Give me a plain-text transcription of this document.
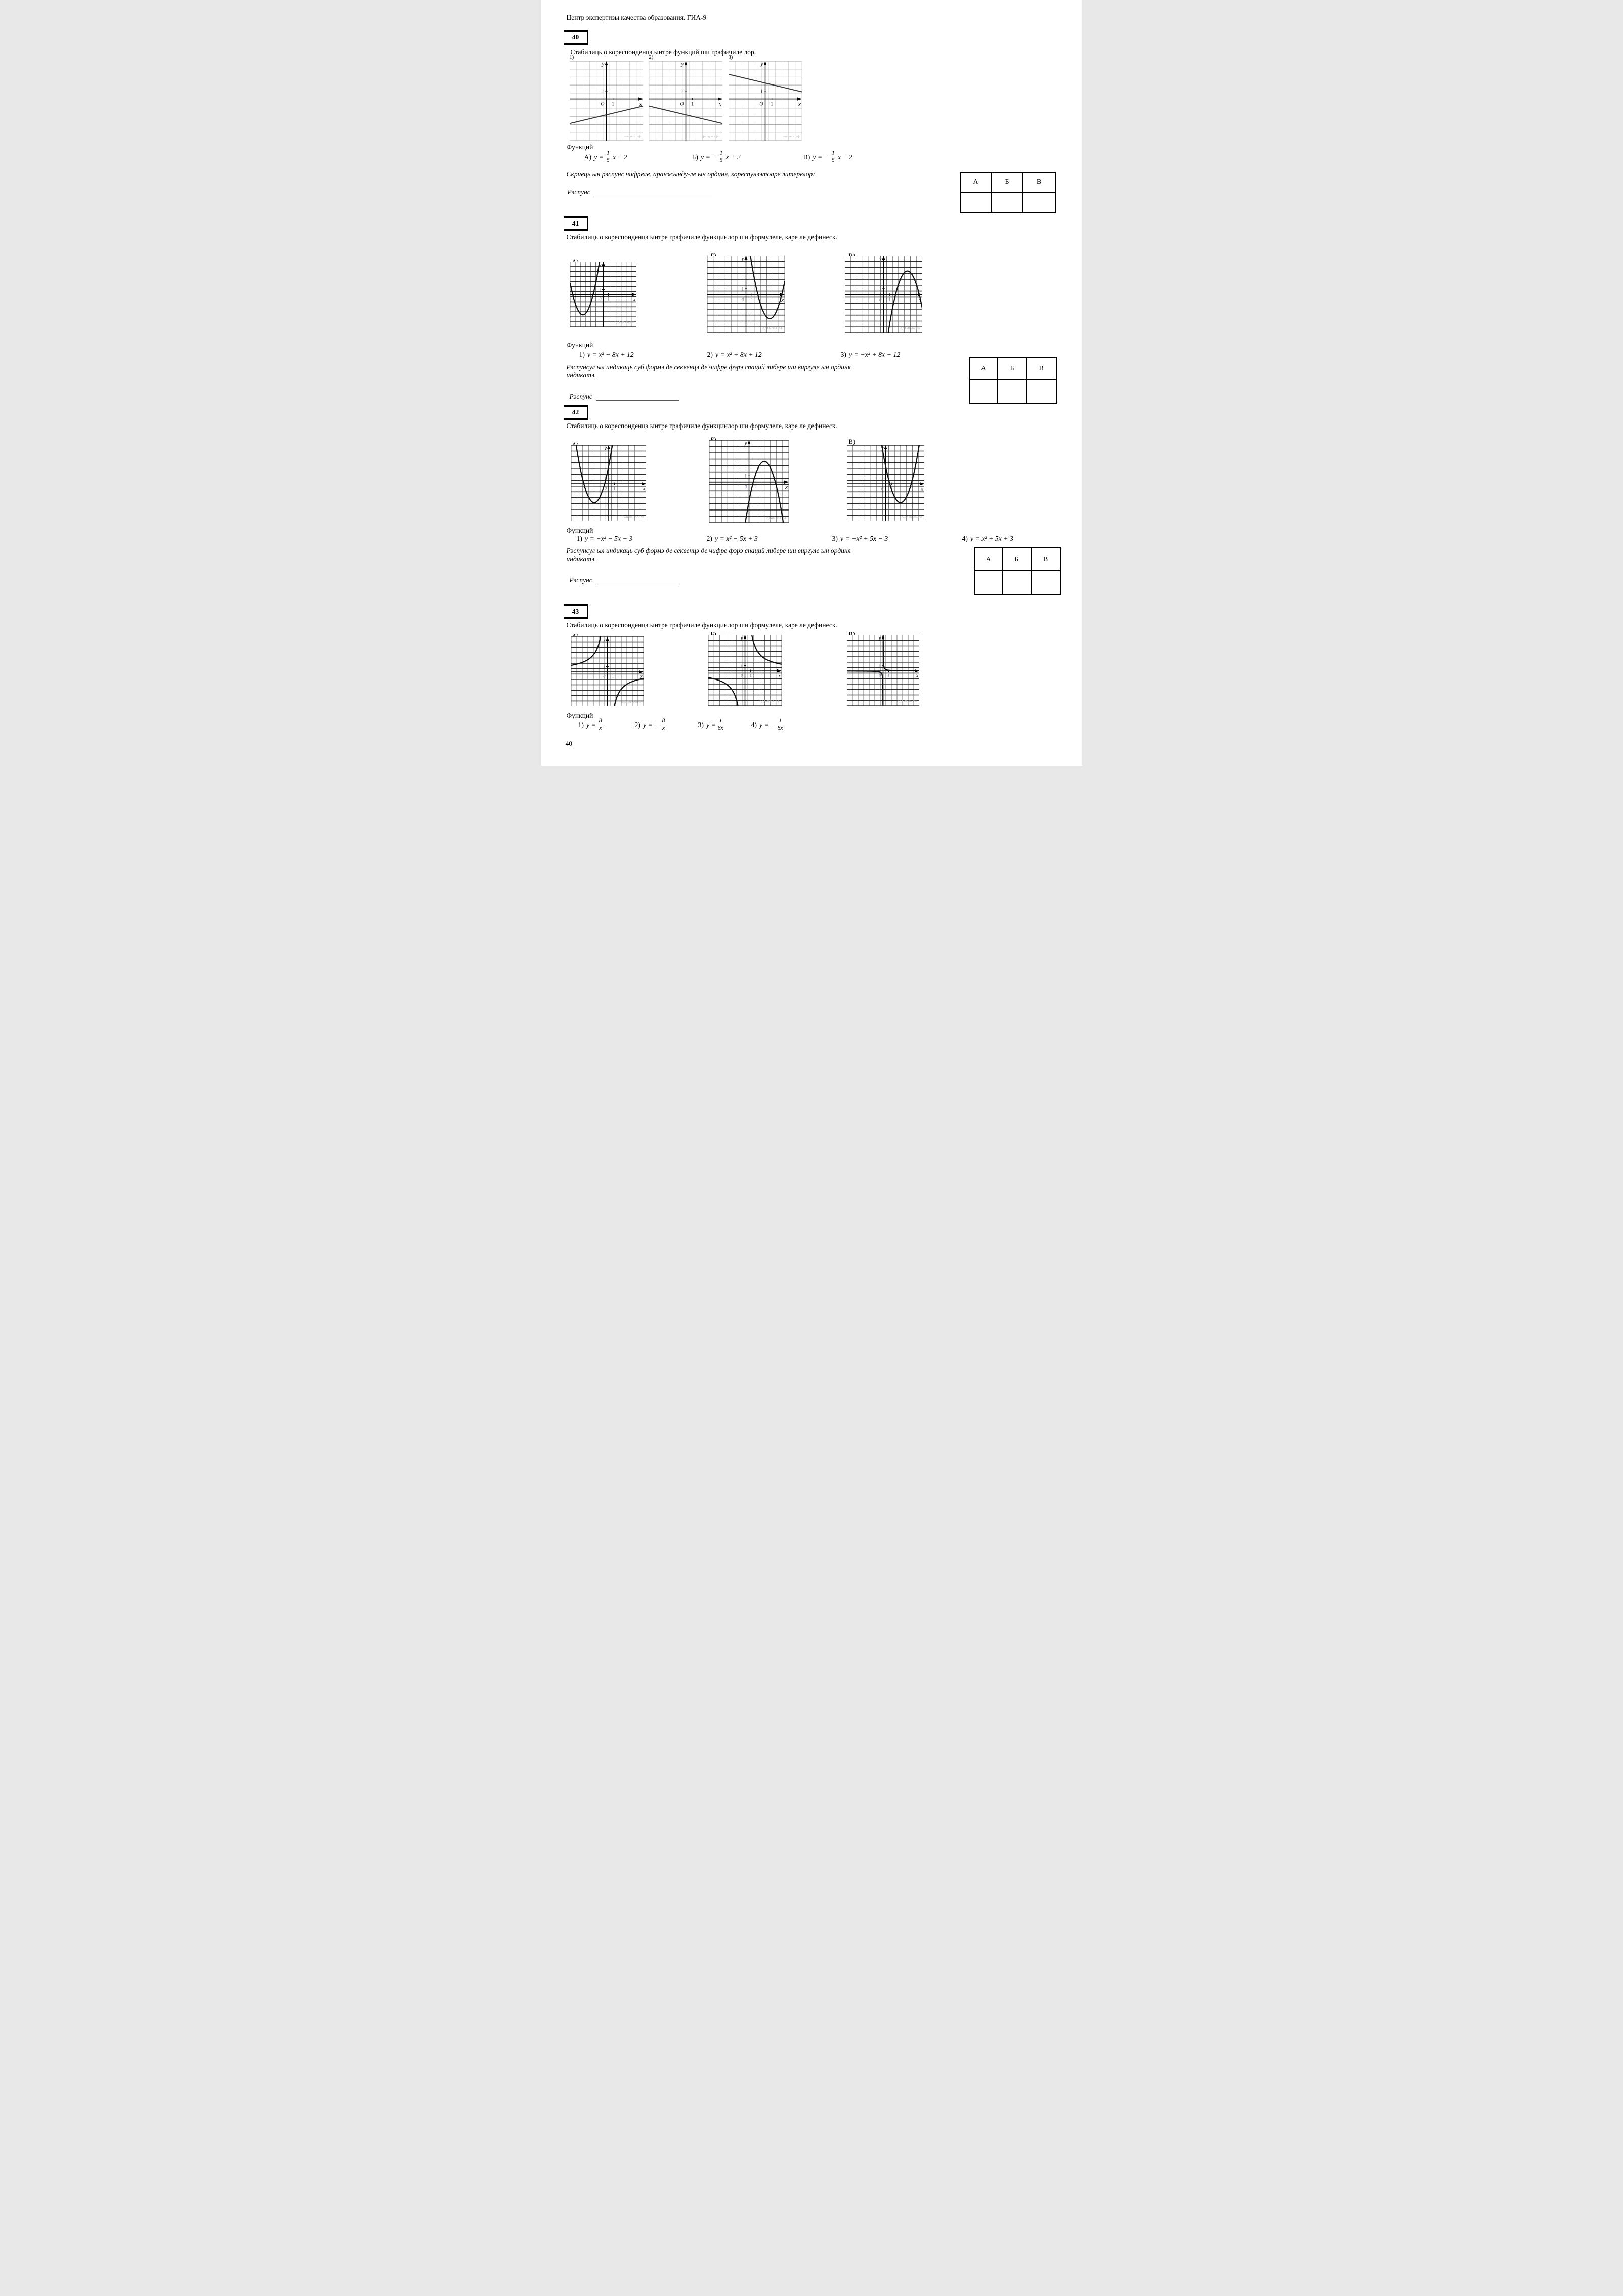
Центр экспертизы качества образования. ГИА-9
40
Стабилиць о кореспонденцэ ынтре функций ши графичиле лор.
1)	2)	3)
y
x
O
1
1
решуегэ.рф
y
x
O
1
1
решуегэ.рф
y
x
O
1
1
решуегэ.рф
Функций
А) $y = \frac{1}{5}$ x − 2	Б) y = − $\frac{1}{5}$ x + 2	В) y = − $\frac{1}{5}$ x − 2
Скриець ын рэспунс чифреле, аранжынду-ле ын ординя, кореспунзэтоаре литерелор:
Рэспунс
А	Б	В
41
Стабилиць о кореспонденцэ ынтре графичиле функциилор ши формулеле, каре ле дефинеск.
А)
Б)	В)
y
x
0
1
1
СДАМГИА.РФ
y
x
0
1
1
СДАМГИА.РФ
y
x
0
1
1
СДАМГИА.РФ
Функций
1) y = x² − 8x + 12	2) y = x² + 8x + 12	3) y = −x² + 8x − 12
Рэспунсул ыл индикаць суб формэ де секвенцэ де чифре фэрэ спаций либере ши виргуле ын ординя
индикатэ.
Рэспунс
А	Б	В
42
Стабилиць о кореспонденцэ ынтре графичиле функциилор ши формулеле, каре ле дефинеск.
А)
Б)	В)
y
x
0
1
1
СДАМГИА.РФ
y
x
0
1
1
СДАМГИА.РФ
y
x
0
1
1
СДАМГИА.РФ
Функций
1) y = −x² − 5x − 3	2) y = x² − 5x + 3	3) y = −x² + 5x − 3	4) y = x² + 5x + 3
Рэспунсул ыл индикаць суб формэ де секвенцэ де чифре фэрэ спаций либере ши виргуле ын ординя
индикатэ.
Рэспунс
А	Б	В
43
Стабилиць о кореспонденцэ ынтре графичиле функциилор ши формулеле, каре ле дефинеск.
А)	Б)	В)
y
x
0
1
1
СДАМГИА.РФ
y
x
0
1
1
СДАМГИА.РФ
y
x
0
1
1
СДАМГИА.РФ
Функций
1) $y = \frac{8}{x}$	2) y = − $\frac{8}{x}$	3) $y = \frac{1}{8x}$	4) y = − $\frac{1}{8x}$
40
